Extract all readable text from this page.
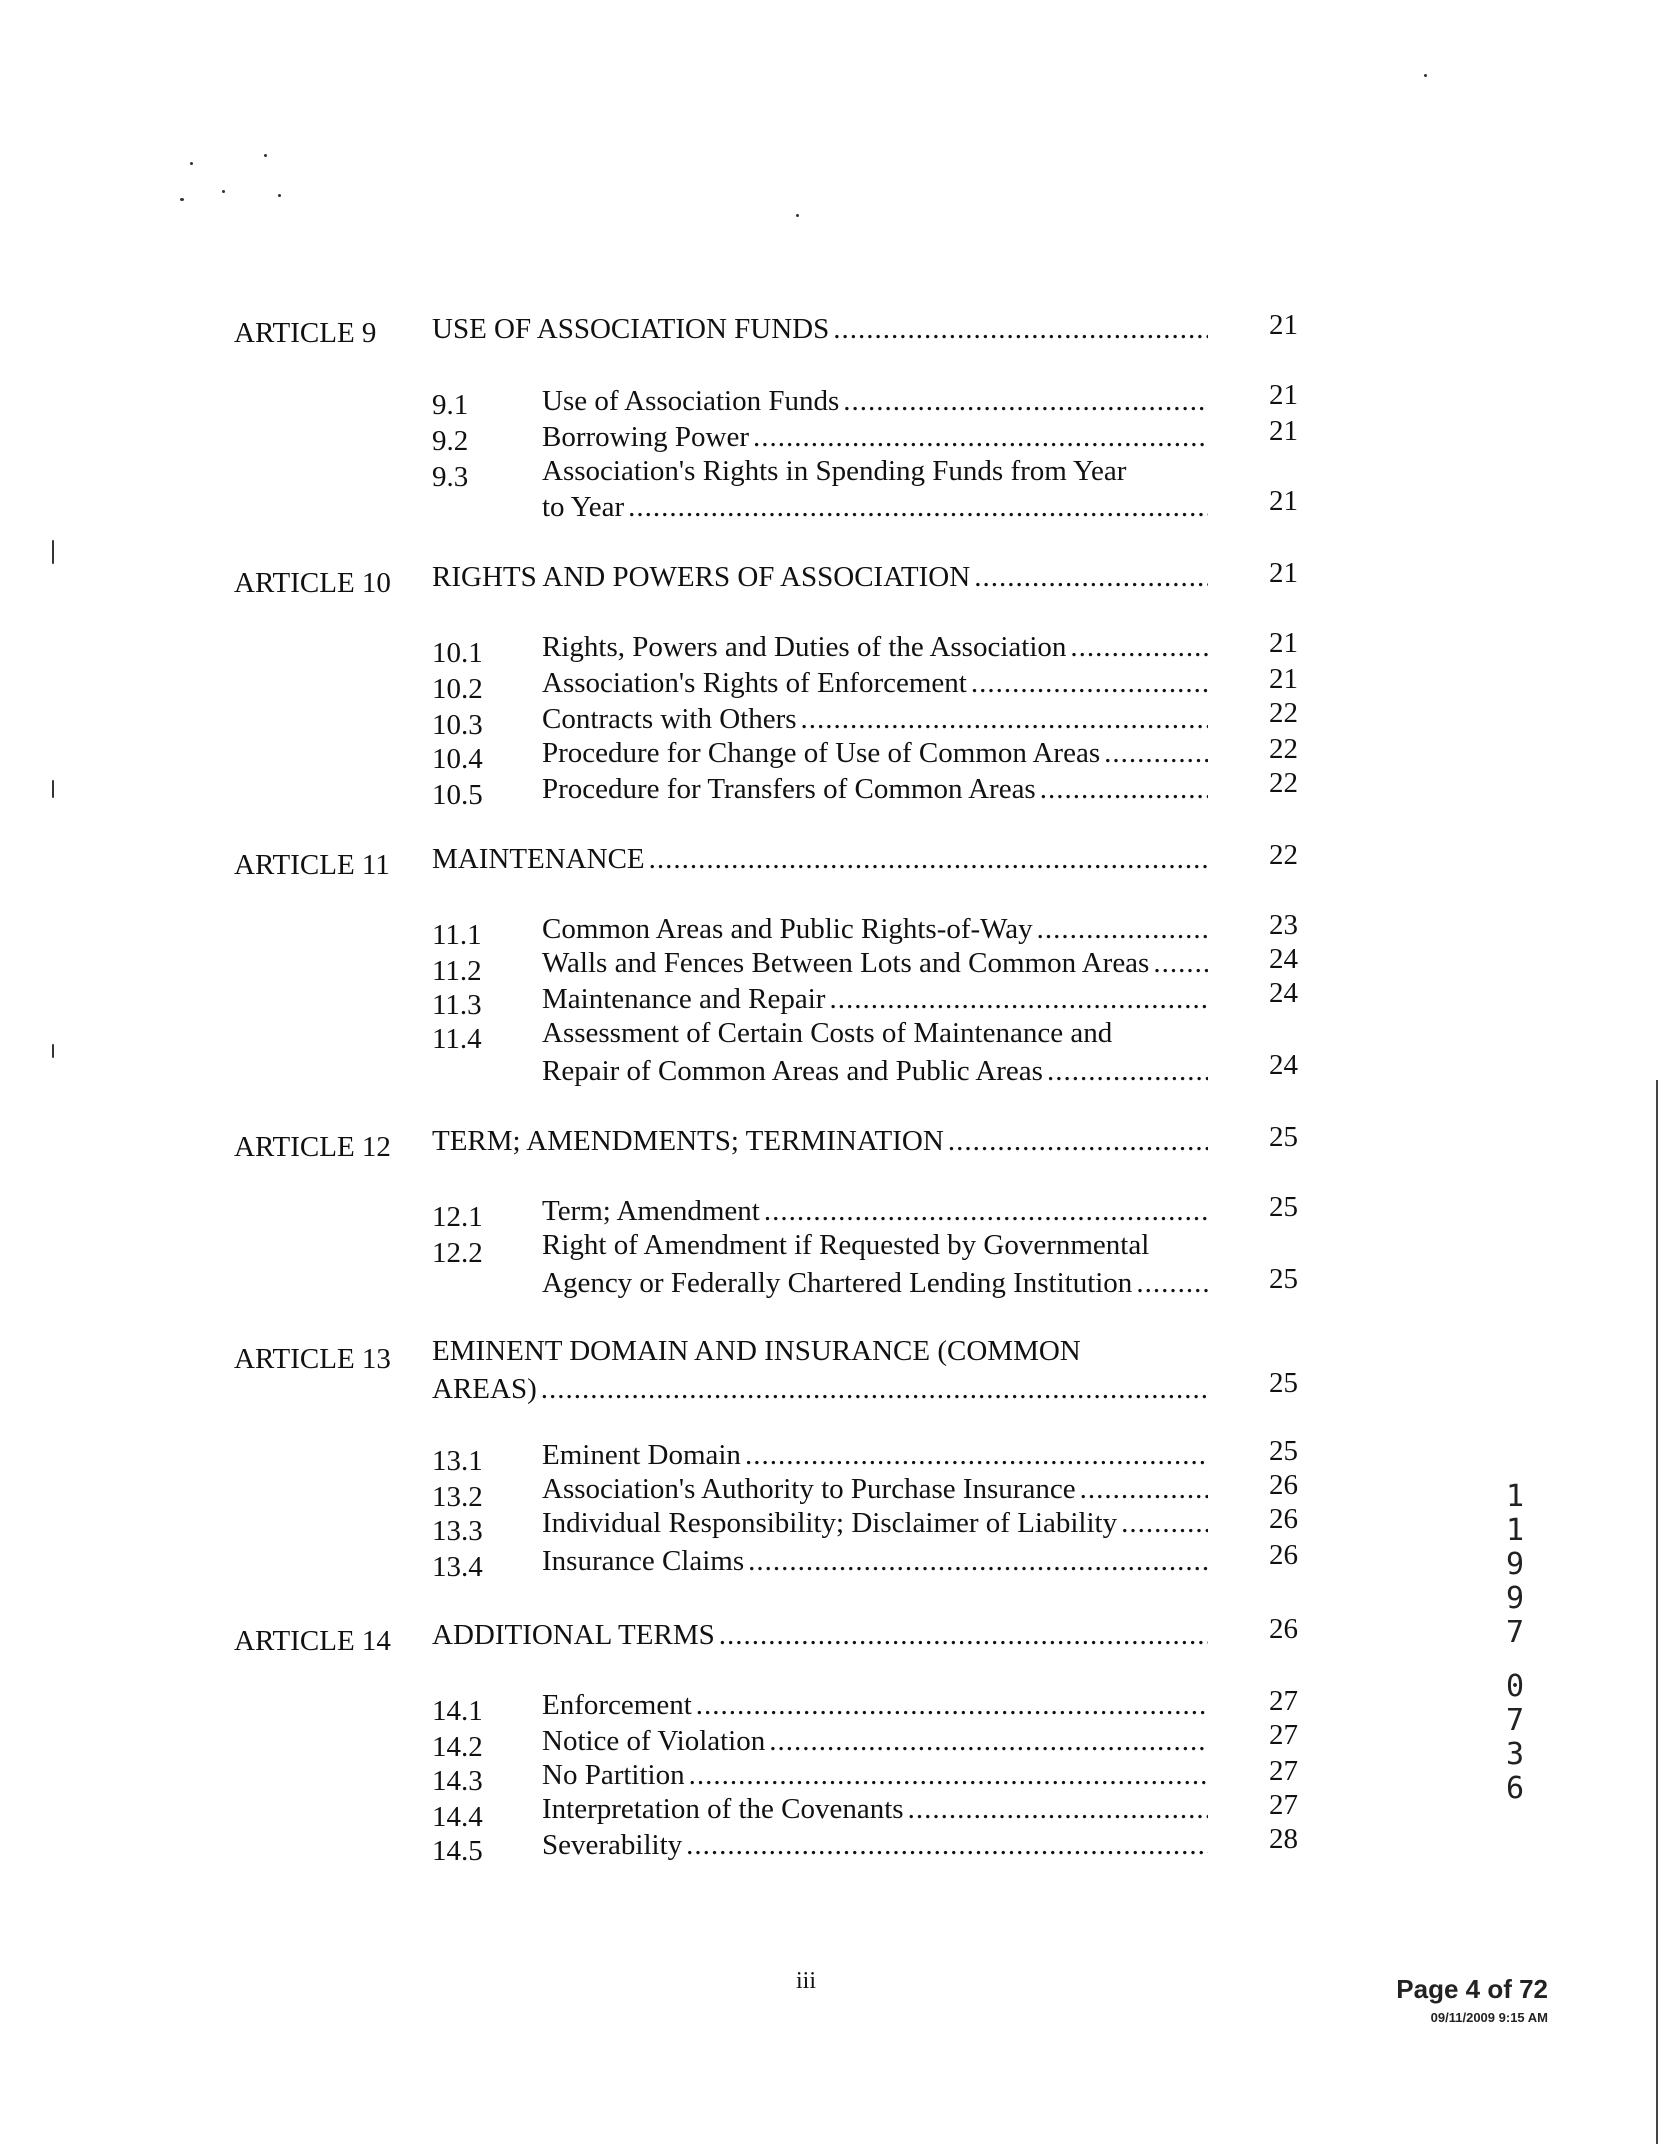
ARTICLE 9 USE OF ASSOCIATION FUNDS .....	21
9.1	Use of Association Funds .....	21
9.2	Borrowing Power .....	21
9.3	Association's Rights in Spending Funds from Year
to Year .....	21
ARTICLE 10 RIGHTS AND POWERS OF ASSOCIATION .....	21
10.1 Rights, Powers and Duties of the Association .....	21
10.2 Association's Rights of Enforcement .....	21
10.3 Contracts with Others .....	22
10.4 Procedure for Change of Use of Common Areas .....	22
10.5 Procedure for Transfers of Common Areas .....	22
ARTICLE 11 MAINTENANCE .....	22
11.1 Common Areas and Public Rights-of-Way .....	23
11.2 Walls and Fences Between Lots and Common Areas .....	24
11.3 Maintenance and Repair .....	24
11.4 Assessment of Certain Costs of Maintenance and
Repair of Common Areas and Public Areas .....	24
ARTICLE 12 TERM; AMENDMENTS; TERMINATION .....	25
12.1 Term; Amendment .....	25
12.2 Right of Amendment if Requested by Governmental
Agency or Federally Chartered Lending Institution .....	25
ARTICLE 13 EMINENT DOMAIN AND INSURANCE (COMMON
AREAS) .....	25
13.1 Eminent Domain .....	25
13.2 Association's Authority to Purchase Insurance .....	26
13.3 Individual Responsibility; Disclaimer of Liability .....	26
13.4 Insurance Claims .....	26
ARTICLE 14 ADDITIONAL TERMS .....	26
14.1 Enforcement .....	27
14.2 Notice of Violation .....	27
14.3 No Partition .....	27
14.4 Interpretation of the Covenants .....	27
14.5 Severability .....	28
1
1
9
9
7
0
7
3
6
iii	Page 4 of 72
09/11/2009 9:15 AM
